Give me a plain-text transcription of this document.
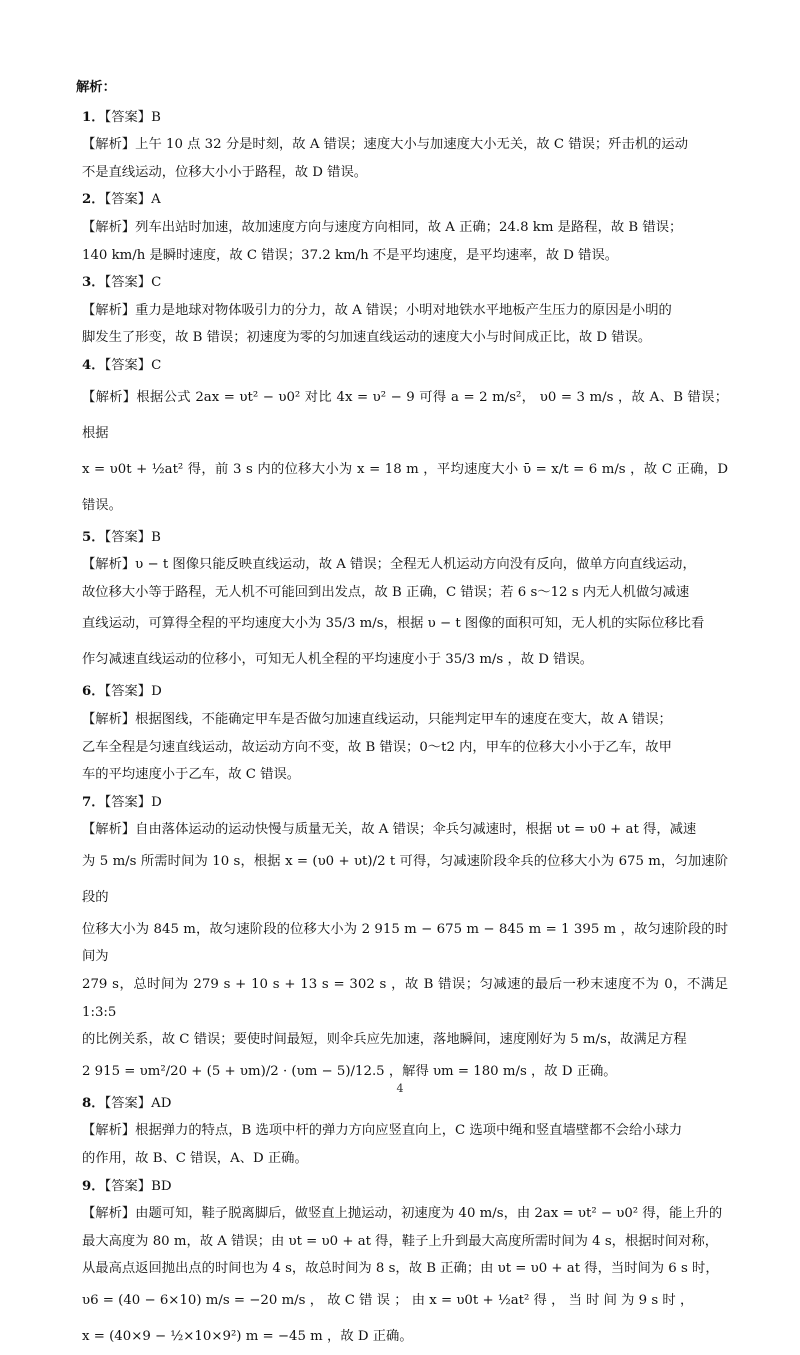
解析：
1．【答案】B
【解析】上午 10 点 32 分是时刻，故 A 错误；速度大小与加速度大小无关，故 C 错误；歼击机的运动
不是直线运动，位移大小小于路程，故 D 错误。
2．【答案】A
【解析】列车出站时加速，故加速度方向与速度方向相同，故 A 正确；24.8 km 是路程，故 B 错误；
140 km/h 是瞬时速度，故 C 错误；37.2 km/h 不是平均速度，是平均速率，故 D 错误。
3．【答案】C
【解析】重力是地球对物体吸引力的分力，故 A 错误；小明对地铁水平地板产生压力的原因是小明的
脚发生了形变，故 B 错误；初速度为零的匀加速直线运动的速度大小与时间成正比，故 D 错误。
4．【答案】C
【解析】根据公式 2ax = υt² − υ0² 对比 4x = υ² − 9 可得 a = 2 m/s²， υ0 = 3 m/s ，故 A、B 错误；根据
x = υ0t + ½at² 得，前 3 s 内的位移大小为 x = 18 m ，平均速度大小 ῡ = x/t = 6 m/s ，故 C 正确，D 错误。
5．【答案】B
【解析】υ − t 图像只能反映直线运动，故 A 错误；全程无人机运动方向没有反向，做单方向直线运动，
故位移大小等于路程，无人机不可能回到出发点，故 B 正确，C 错误；若 6 s～12 s 内无人机做匀减速
直线运动，可算得全程的平均速度大小为 35/3 m/s，根据 υ − t 图像的面积可知，无人机的实际位移比看
作匀减速直线运动的位移小，可知无人机全程的平均速度小于 35/3 m/s ，故 D 错误。
6．【答案】D
【解析】根据图线，不能确定甲车是否做匀加速直线运动，只能判定甲车的速度在变大，故 A 错误；
乙车全程是匀速直线运动，故运动方向不变，故 B 错误；0～t2 内，甲车的位移大小小于乙车，故甲
车的平均速度小于乙车，故 C 错误。
7．【答案】D
【解析】自由落体运动的运动快慢与质量无关，故 A 错误；伞兵匀减速时，根据 υt = υ0 + at 得，减速
为 5 m/s 所需时间为 10 s，根据 x = (υ0 + υt)/2 t 可得，匀减速阶段伞兵的位移大小为 675 m，匀加速阶段的
位移大小为 845 m，故匀速阶段的位移大小为 2 915 m − 675 m − 845 m = 1 395 m ，故匀速阶段的时间为
279 s，总时间为 279 s + 10 s + 13 s = 302 s ，故 B 错误；匀减速的最后一秒末速度不为 0，不满足 1:3:5
的比例关系，故 C 错误；要使时间最短，则伞兵应先加速，落地瞬间，速度刚好为 5 m/s，故满足方程
2 915 = υm²/20 + (5 + υm)/2 · (υm − 5)/12.5 ，解得 υm = 180 m/s ，故 D 正确。
8．【答案】AD
【解析】根据弹力的特点，B 选项中杆的弹力方向应竖直向上，C 选项中绳和竖直墙壁都不会给小球力
的作用，故 B、C 错误，A、D 正确。
9．【答案】BD
【解析】由题可知，鞋子脱离脚后，做竖直上抛运动，初速度为 40 m/s，由 2ax = υt² − υ0² 得，能上升的
最大高度为 80 m，故 A 错误；由 υt = υ0 + at 得，鞋子上升到最大高度所需时间为 4 s，根据时间对称，
从最高点返回抛出点的时间也为 4 s，故总时间为 8 s，故 B 正确；由 υt = υ0 + at 得，当时间为 6 s 时，
υ6 = (40 − 6×10) m/s = −20 m/s ， 故 C 错 误 ； 由 x = υ0t + ½at² 得 ， 当 时 间 为 9 s 时 ，
x = (40×9 − ½×10×9²) m = −45 m ，故 D 正确。
4
